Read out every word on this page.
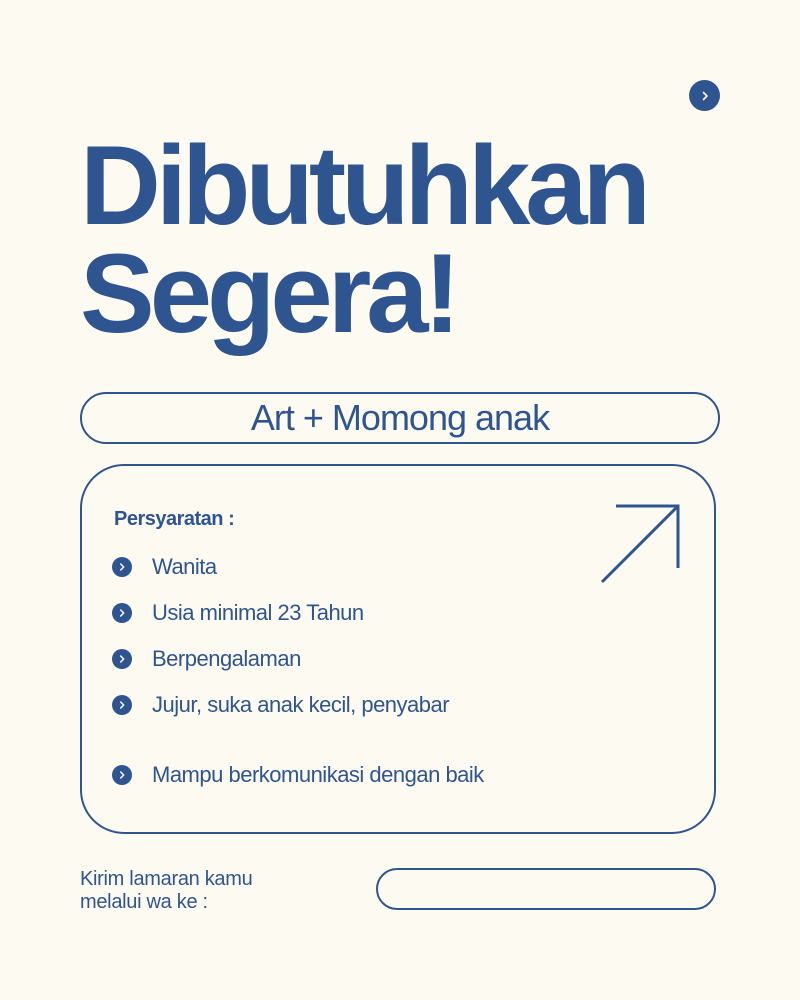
Dibutuhkan
Segera!
Art + Momong anak
Persyaratan :
Wanita
Usia minimal 23 Tahun
Berpengalaman
Jujur, suka anak kecil, penyabar
Mampu berkomunikasi dengan baik
Kirim lamaran kamu
melalui wa ke :
